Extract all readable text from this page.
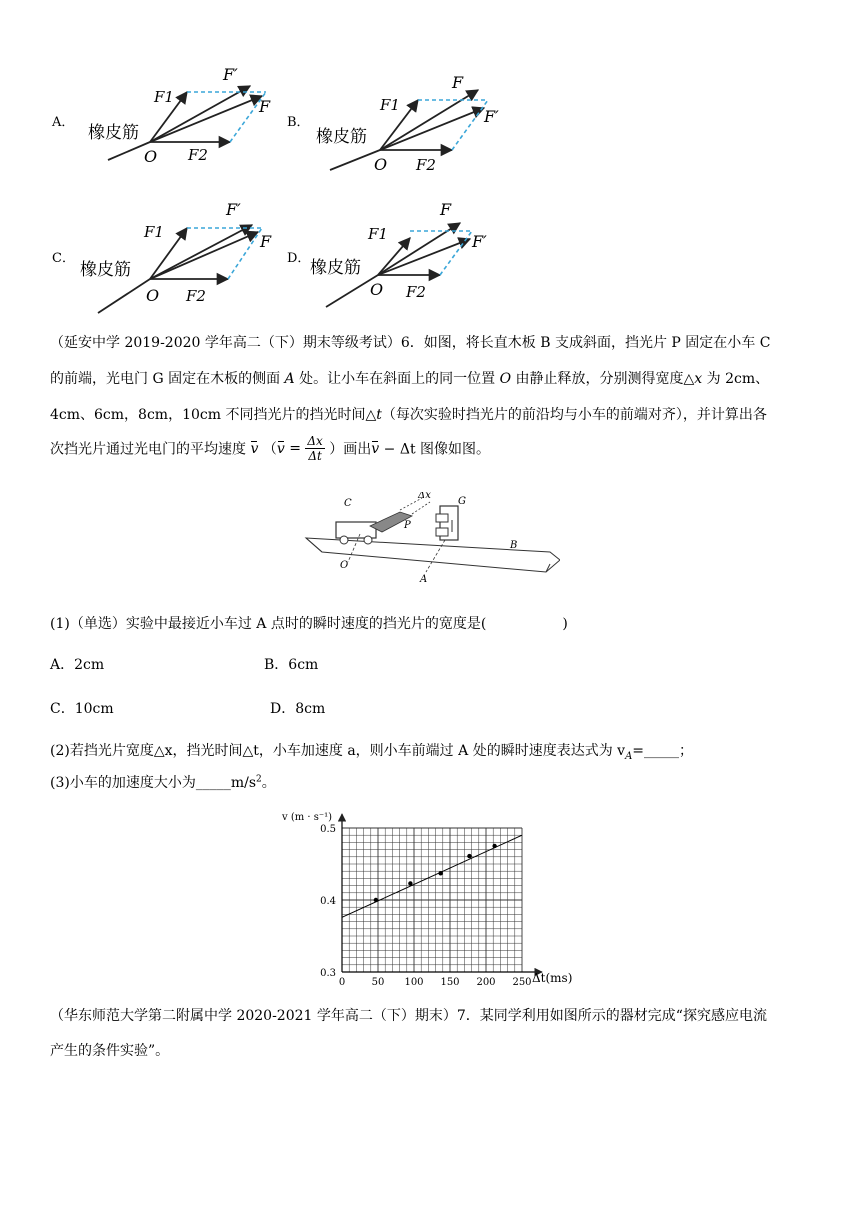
A．	B．
C．	D．
橡皮筋
O
F1
F2
F′
F
橡皮筋
O
F1
F2
F
F′
橡皮筋
O
F1
F2
F′
F
橡皮筋
O
F1
F2
F
F′
（延安中学 2019-2020 学年高二（下）期末等级考试）6．如图，将长直木板 B 支成斜面，挡光片 P 固定在小车 C
的前端，光电门 G 固定在木板的侧面 A 处。让小车在斜面上的同一位置 O 由静止释放，分别测得宽度△x 为 2cm、
4cm、6cm，8cm，10cm 不同挡光片的挡光时间△t（每次实验时挡光片的前沿均与小车的前端对齐），并计算出各
次挡光片通过光电门的平均速度 v （$v = \frac{\Delta x}{\Delta t}$ ）画出v − Δt 图像如图。
C
P
Δx
G
B
O
A
(1)（单选）实验中最接近小车过 A 点时的瞬时速度的挡光片的宽度是(	)
A．2cm	B．6cm
C．10cm	D．8cm
(2)若挡光片宽度△x，挡光时间△t，小车加速度 a，则小车前端过 A 处的瞬时速度表达式为 $v_A=\_\_\_\_\_$；
(3)小车的加速度大小为$\_\_\_\_\_m/s^2$。
0	50 100 150 200 250
0.3
0.4
0.5
v (m · s⁻¹)
Δt(ms)
（华东师范大学第二附属中学 2020-2021 学年高二（下）期末）7．某同学利用如图所示的器材完成“探究感应电流
产生的条件实验”。
